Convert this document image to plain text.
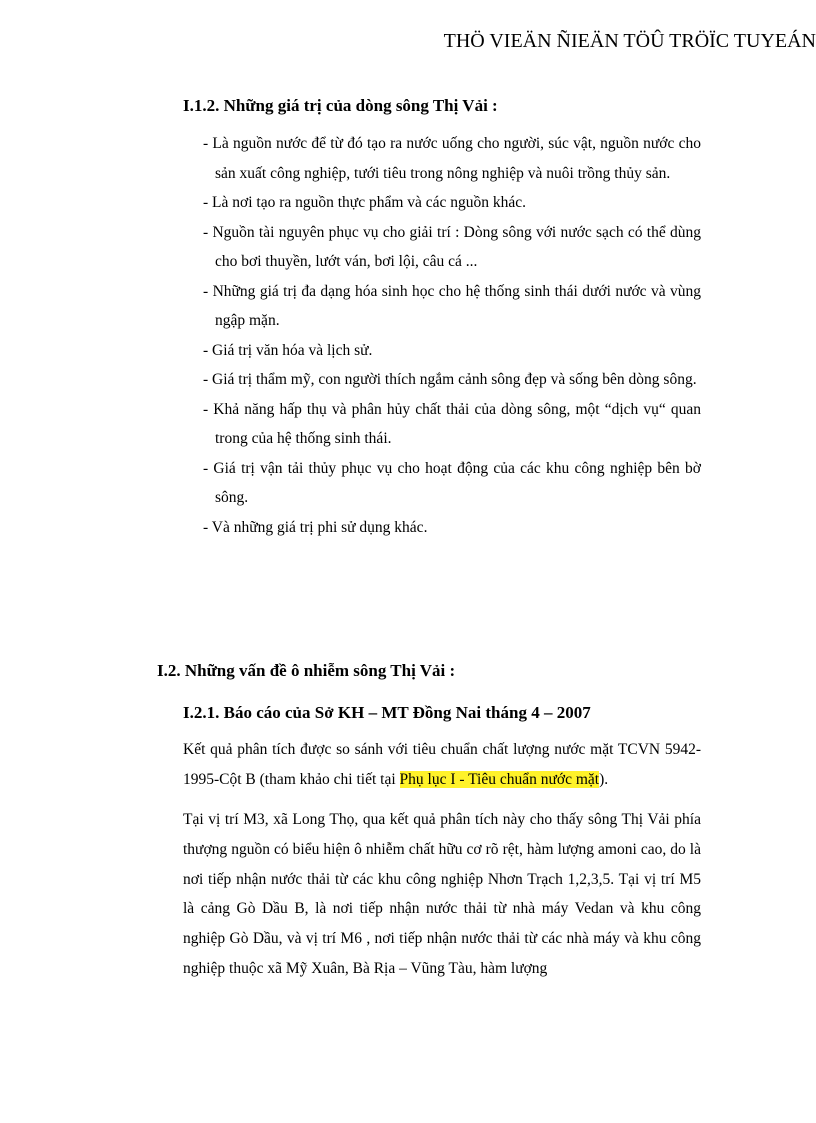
THÖ VIEÄN ÑIEÄN TÖÛ TRÖÏC TUYEÁN
I.1.2. Những giá trị của dòng sông Thị Vải :
- Là nguồn nước để từ đó tạo ra nước uống cho người, súc vật, nguồn nước cho sản xuất công nghiệp, tưới tiêu trong nông nghiệp và nuôi trồng thủy sản.
- Là nơi tạo ra nguồn thực phẩm và các nguồn khác.
- Nguồn tài nguyên phục vụ cho giải trí : Dòng sông với nước sạch có thể dùng cho bơi thuyền, lướt ván, bơi lội, câu cá ...
- Những giá trị đa dạng hóa sinh học cho hệ thống sinh thái dưới nước và vùng ngập mặn.
- Giá trị văn hóa và lịch sử.
- Giá trị thẩm mỹ, con người thích ngắm cảnh sông đẹp và sống bên dòng sông.
- Khả năng hấp thụ và phân hủy chất thải của dòng sông, một “dịch vụ“ quan trong của hệ thống sinh thái.
- Giá trị vận tải thủy phục vụ cho hoạt động của các khu công nghiệp bên bờ sông.
- Và những giá trị phi sử dụng khác.
I.2. Những vấn đề ô nhiễm sông Thị Vải :
I.2.1. Báo cáo của Sở KH – MT Đồng Nai tháng 4 – 2007

Kết quả phân tích được so sánh với tiêu chuẩn chất lượng nước mặt TCVN 5942-1995-Cột B (tham khảo chi tiết tại Phụ lục I - Tiêu chuẩn nước mặt).

Tại vị trí M3, xã Long Thọ, qua kết quả phân tích này cho thấy sông Thị Vải phía thượng nguồn có biểu hiện ô nhiễm chất hữu cơ rõ rệt, hàm lượng amoni cao, do là nơi tiếp nhận nước thải từ các khu công nghiệp Nhơn Trạch 1,2,3,5. Tại vị trí M5 là cảng Gò Dầu B, là nơi tiếp nhận nước thải từ nhà máy Vedan và khu công nghiệp Gò Dầu, và vị trí M6 , nơi tiếp nhận nước thải từ các nhà máy và khu công nghiệp thuộc xã Mỹ Xuân, Bà Rịa – Vũng Tàu, hàm lượng
